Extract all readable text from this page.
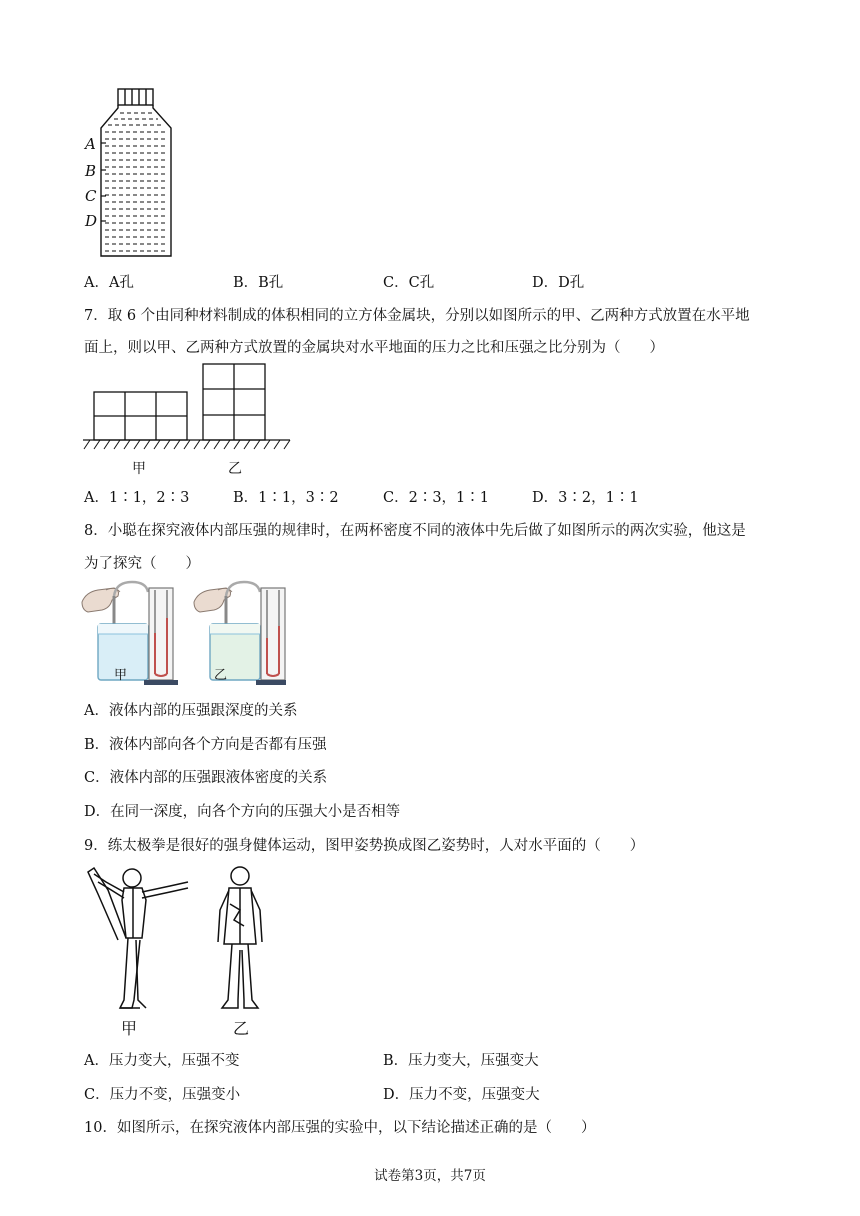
A
B
C
D
A．A孔	B．B孔	C．C孔	D．D孔
7．取 6 个由同种材料制成的体积相同的立方体金属块，分别以如图所示的甲、乙两种方式放置在水平地
面上，则以甲、乙两种方式放置的金属块对水平地面的压力之比和压强之比分别为（　　）
甲	乙
A．1∶1，2∶3	B．1∶1，3∶2	C．2∶3，1∶1	D．3∶2，1∶1
8．小聪在探究液体内部压强的规律时，在两杯密度不同的液体中先后做了如图所示的两次实验，他这是
为了探究（　　）
甲	乙
A．液体内部的压强跟深度的关系
B．液体内部向各个方向是否都有压强
C．液体内部的压强跟液体密度的关系
D．在同一深度，向各个方向的压强大小是否相等
9．练太极拳是很好的强身健体运动，图甲姿势换成图乙姿势时，人对水平面的（　　）
甲	乙
A．压力变大，压强不变	B．压力变大，压强变大
C．压力不变，压强变小	D．压力不变，压强变大
10．如图所示，在探究液体内部压强的实验中，以下结论描述正确的是（　　）
试卷第3页，共7页
